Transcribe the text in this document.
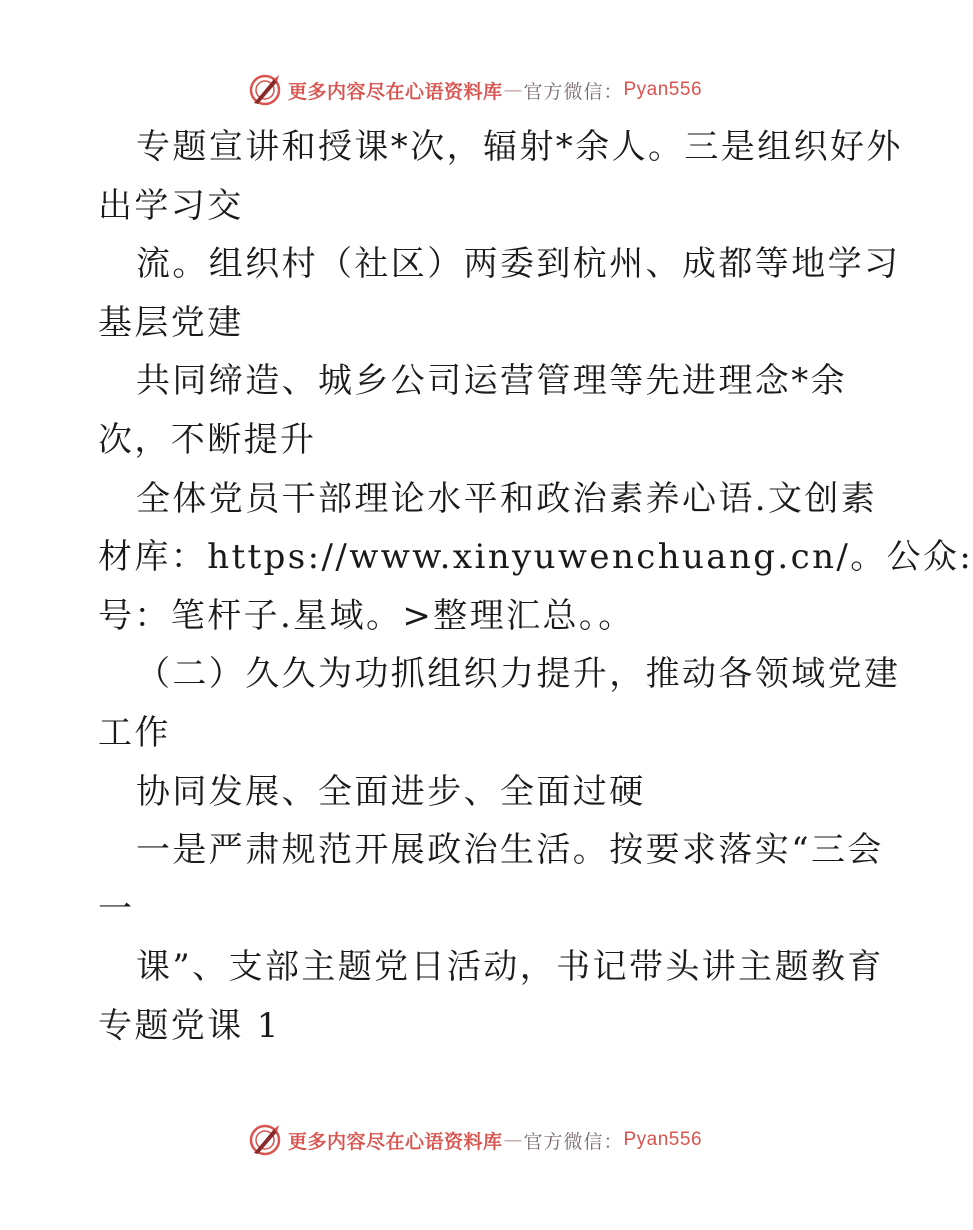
更多内容尽在心语资料库 — 官方微信： Pyan556
专题宣讲和授课*次，辐射*余人。三是组织好外
出学习交
流。组织村（社区）两委到杭州、成都等地学习
基层党建
共同缔造、城乡公司运营管理等先进理念*余
次，不断提升
全体党员干部理论水平和政治素养心语.文创素
材库：https://www.xinyuwenchuang.cn/。公众:
号：笔杆子.星域。>整理汇总。。
（二）久久为功抓组织力提升，推动各领域党建
工作
协同发展、全面进步、全面过硬
一是严肃规范开展政治生活。按要求落实“三会
一
课”、支部主题党日活动，书记带头讲主题教育
专题党课 1
更多内容尽在心语资料库 — 官方微信： Pyan556
